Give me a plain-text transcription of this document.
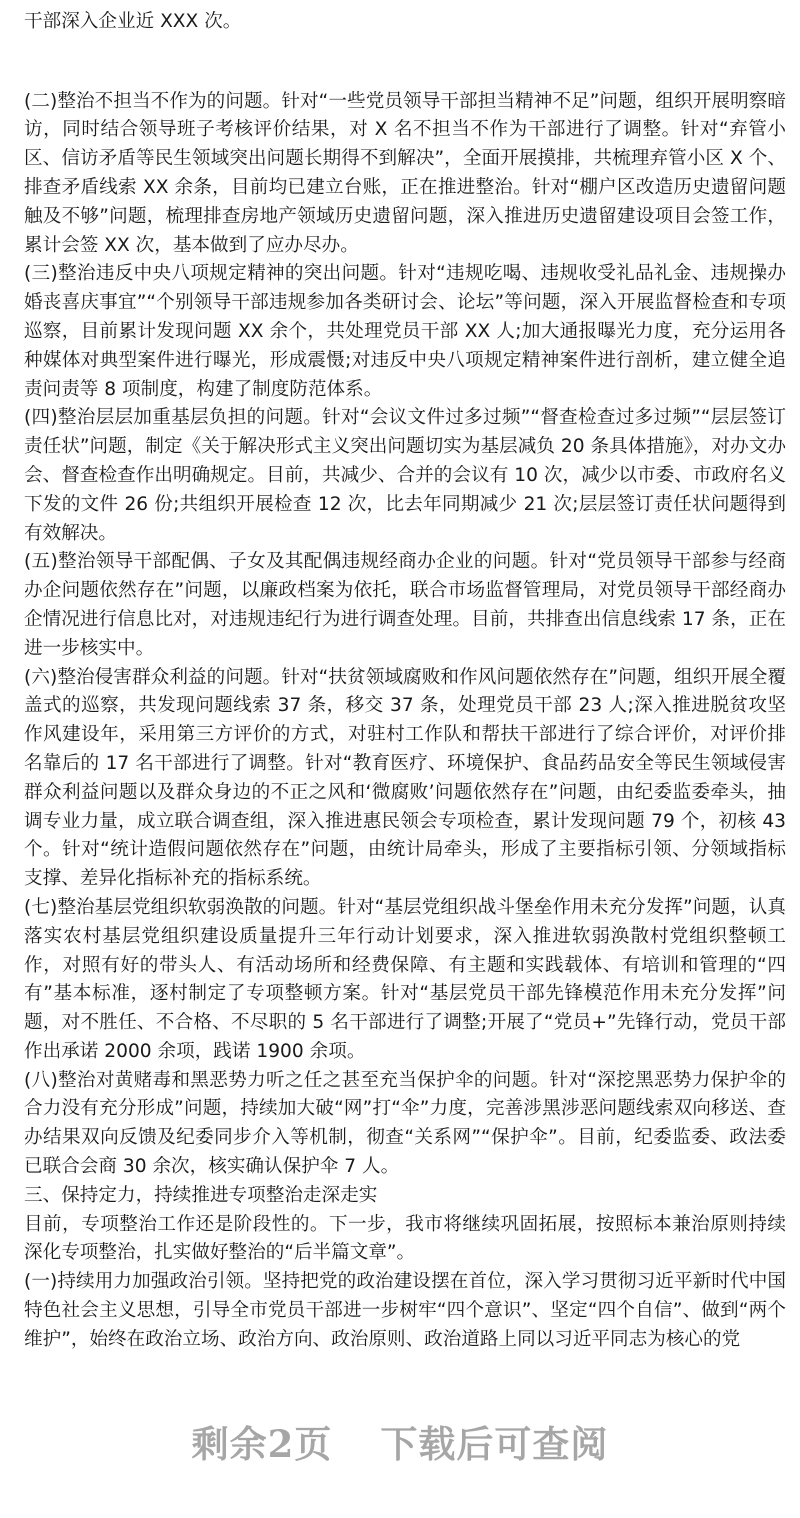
干部深入企业近 XXX 次。

(二)整治不担当不作为的问题。针对“一些党员领导干部担当精神不足”问题，组织开展明察暗访，同时结合领导班子考核评价结果，对 X 名不担当不作为干部进行了调整。针对“弃管小区、信访矛盾等民生领域突出问题长期得不到解决”，全面开展摸排，共梳理弃管小区 X 个、排查矛盾线索 XX 余条，目前均已建立台账，正在推进整治。针对“棚户区改造历史遗留问题触及不够”问题，梳理排查房地产领域历史遗留问题，深入推进历史遗留建设项目会签工作，累计会签 XX 次，基本做到了应办尽办。

(三)整治违反中央八项规定精神的突出问题。针对“违规吃喝、违规收受礼品礼金、违规操办婚丧喜庆事宜”“个别领导干部违规参加各类研讨会、论坛”等问题，深入开展监督检查和专项巡察，目前累计发现问题 XX 余个，共处理党员干部 XX 人;加大通报曝光力度，充分运用各种媒体对典型案件进行曝光，形成震慑;对违反中央八项规定精神案件进行剖析，建立健全追责问责等 8 项制度，构建了制度防范体系。

(四)整治层层加重基层负担的问题。针对“会议文件过多过频”“督查检查过多过频”“层层签订责任状”问题，制定《关于解决形式主义突出问题切实为基层减负 20 条具体措施》，对办文办会、督查检查作出明确规定。目前，共减少、合并的会议有 10 次，减少以市委、市政府名义下发的文件 26 份;共组织开展检查 12 次，比去年同期减少 21 次;层层签订责任状问题得到有效解决。

(五)整治领导干部配偶、子女及其配偶违规经商办企业的问题。针对“党员领导干部参与经商办企问题依然存在”问题，以廉政档案为依托，联合市场监督管理局，对党员领导干部经商办企情况进行信息比对，对违规违纪行为进行调查处理。目前，共排查出信息线索 17 条，正在进一步核实中。

(六)整治侵害群众利益的问题。针对“扶贫领域腐败和作风问题依然存在”问题，组织开展全覆盖式的巡察，共发现问题线索 37 条，移交 37 条，处理党员干部 23 人;深入推进脱贫攻坚作风建设年，采用第三方评价的方式，对驻村工作队和帮扶干部进行了综合评价，对评价排名靠后的 17 名干部进行了调整。针对“教育医疗、环境保护、食品药品安全等民生领域侵害群众利益问题以及群众身边的不正之风和‘微腐败’问题依然存在”问题，由纪委监委牵头，抽调专业力量，成立联合调查组，深入推进惠民领会专项检查，累计发现问题 79 个，初核 43 个。针对“统计造假问题依然存在”问题，由统计局牵头，形成了主要指标引领、分领域指标支撑、差异化指标补充的指标系统。

(七)整治基层党组织软弱涣散的问题。针对“基层党组织战斗堡垒作用未充分发挥”问题，认真落实农村基层党组织建设质量提升三年行动计划要求，深入推进软弱涣散村党组织整顿工作，对照有好的带头人、有活动场所和经费保障、有主题和实践载体、有培训和管理的“四有”基本标准，逐村制定了专项整顿方案。针对“基层党员干部先锋模范作用未充分发挥”问题，对不胜任、不合格、不尽职的 5 名干部进行了调整;开展了“党员+”先锋行动，党员干部作出承诺 2000 余项，践诺 1900 余项。

(八)整治对黄赌毒和黑恶势力听之任之甚至充当保护伞的问题。针对“深挖黑恶势力保护伞的合力没有充分形成”问题，持续加大破“网”打“伞”力度，完善涉黑涉恶问题线索双向移送、查办结果双向反馈及纪委同步介入等机制，彻查“关系网”“保护伞”。目前，纪委监委、政法委已联合会商 30 余次，核实确认保护伞 7 人。

三、保持定力，持续推进专项整治走深走实

目前，专项整治工作还是阶段性的。下一步，我市将继续巩固拓展，按照标本兼治原则持续深化专项整治，扎实做好整治的“后半篇文章”。

(一)持续用力加强政治引领。坚持把党的政治建设摆在首位，深入学习贯彻习近平新时代中国特色社会主义思想，引导全市党员干部进一步树牢“四个意识”、坚定“四个自信”、做到“两个维护”，始终在政治立场、政治方向、政治原则、政治道路上同以习近平同志为核心的党

剩余2页 下载后可查阅
